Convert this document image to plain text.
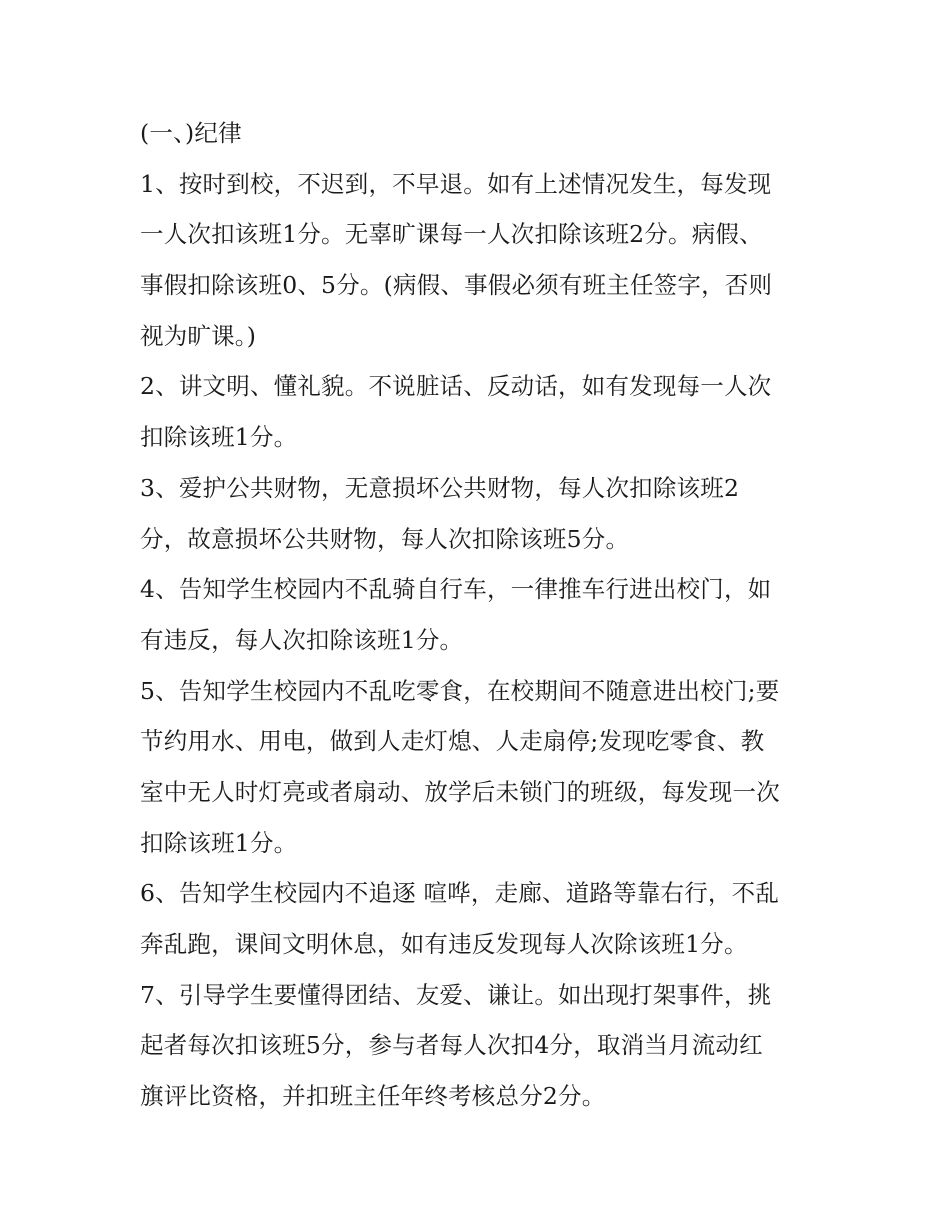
(一、)纪律
1、按时到校，不迟到，不早退。如有上述情况发生，每发现
一人次扣该班1分。无辜旷课每一人次扣除该班2分。病假、
事假扣除该班0、5分。(病假、事假必须有班主任签字，否则
视为旷课。)
2、讲文明、懂礼貌。不说脏话、反动话，如有发现每一人次
扣除该班1分。
3、爱护公共财物，无意损坏公共财物，每人次扣除该班2
分，故意损坏公共财物，每人次扣除该班5分。
4、告知学生校园内不乱骑自行车，一律推车行进出校门，如
有违反，每人次扣除该班1分。
5、告知学生校园内不乱吃零食，在校期间不随意进出校门;要
节约用水、用电，做到人走灯熄、人走扇停;发现吃零食、教
室中无人时灯亮或者扇动、放学后未锁门的班级，每发现一次
扣除该班1分。
6、告知学生校园内不追逐 喧哗，走廊、道路等靠右行，不乱
奔乱跑，课间文明休息，如有违反发现每人次除该班1分。
7、引导学生要懂得团结、友爱、谦让。如出现打架事件，挑
起者每次扣该班5分，参与者每人次扣4分，取消当月流动红
旗评比资格，并扣班主任年终考核总分2分。
